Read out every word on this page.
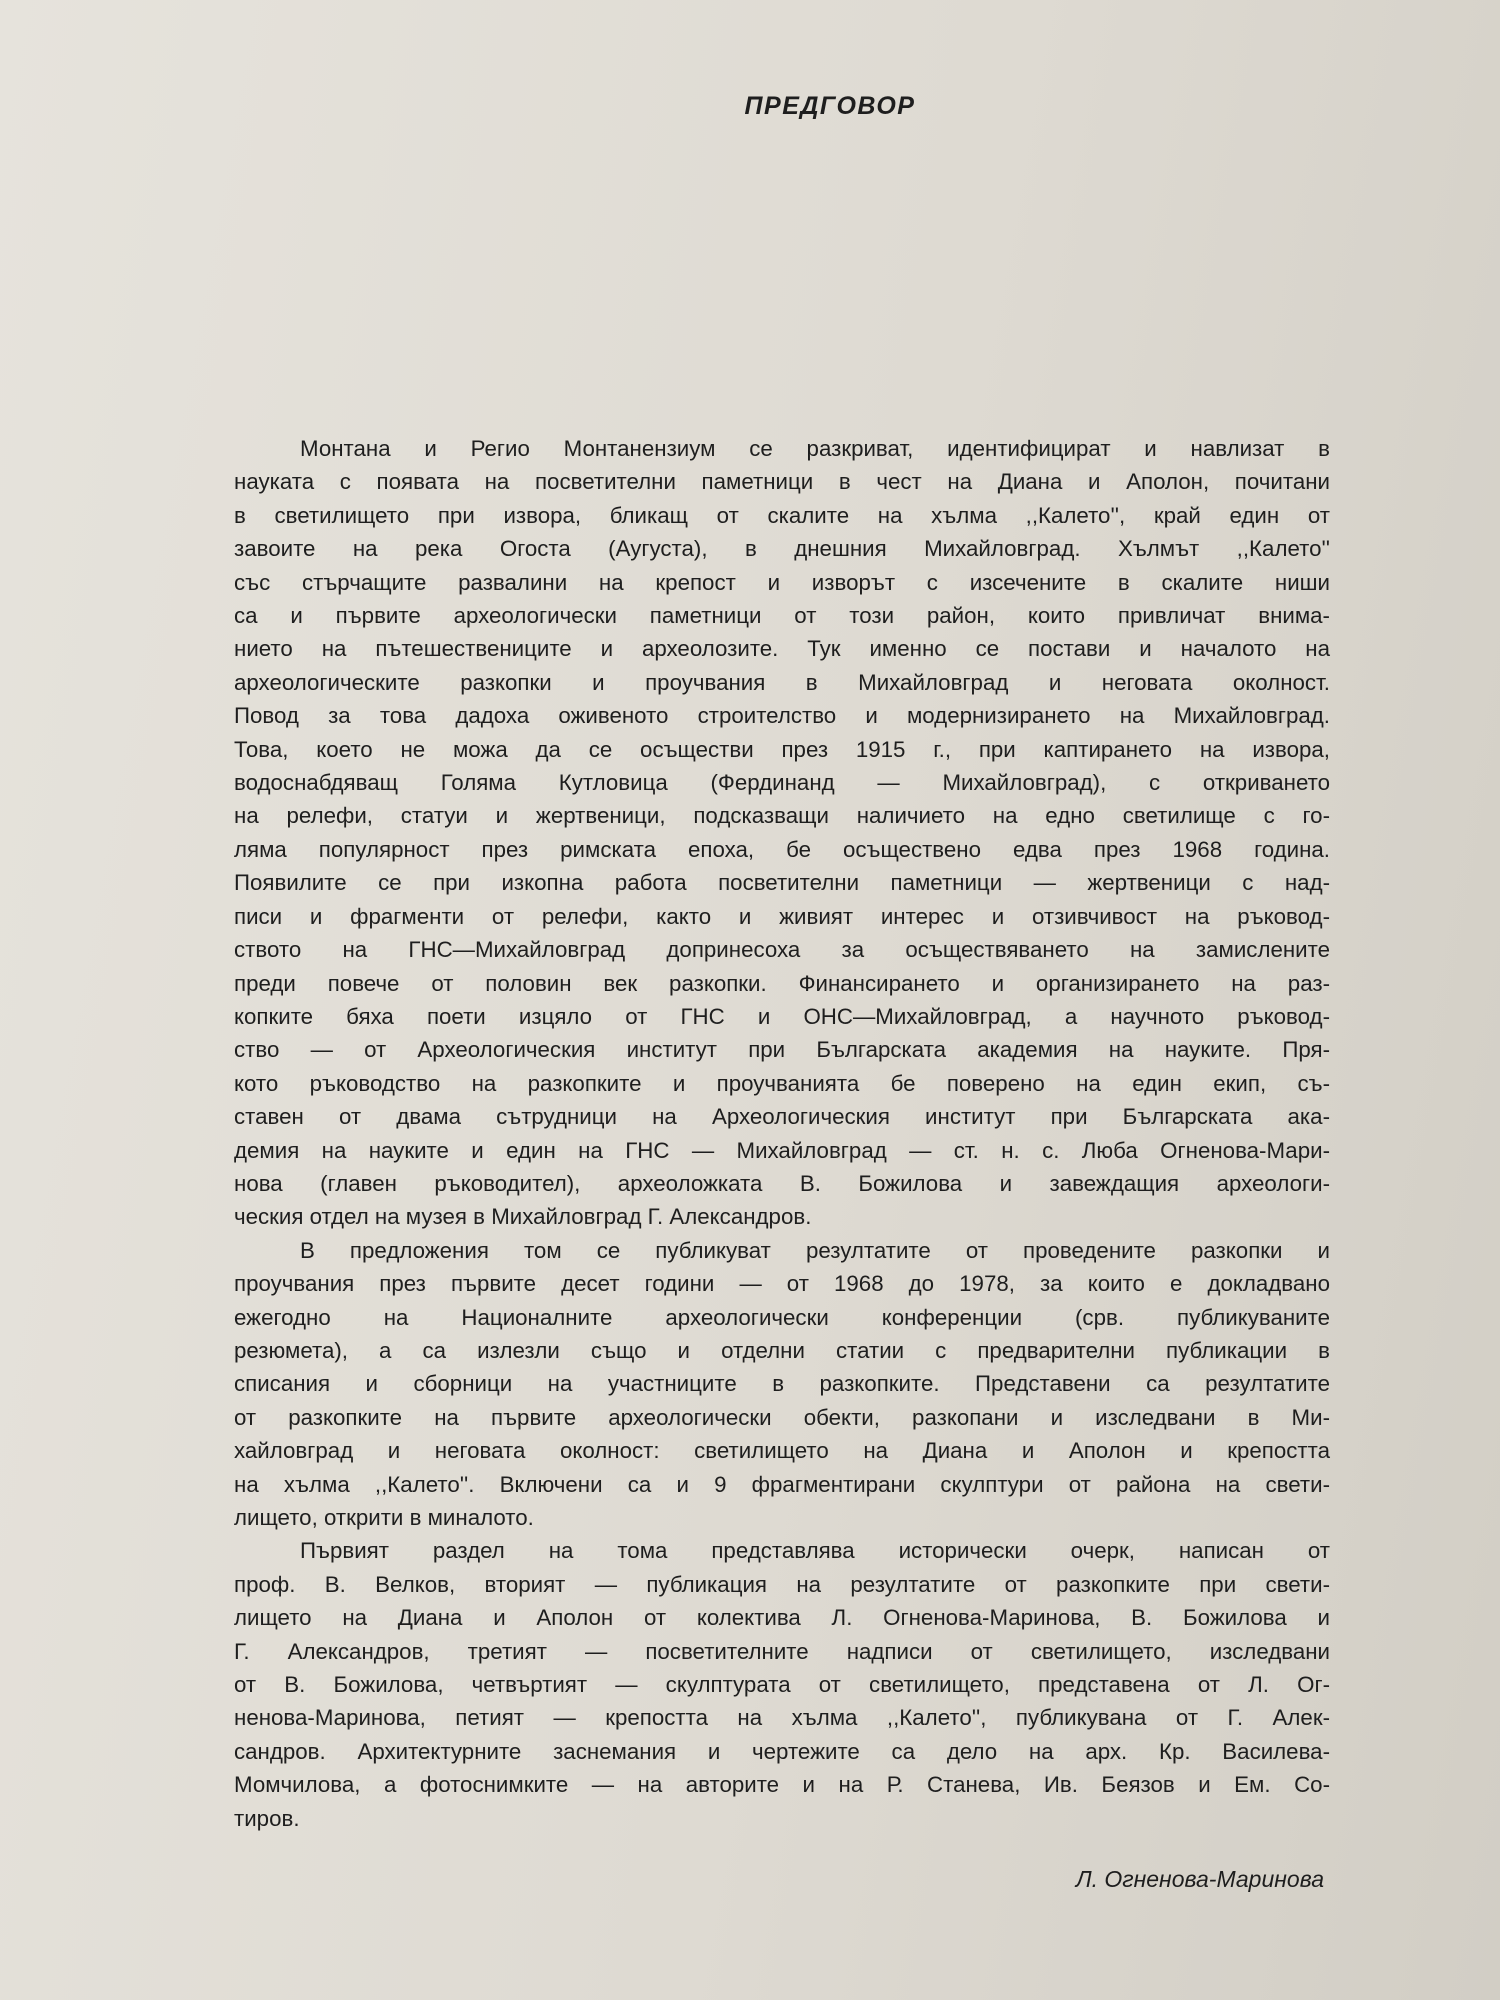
ПРЕДГОВОР

Монтана и Регио Монтанензиум се разкриват, идентифицират и навлизат в
науката с появата на посветителни паметници в чест на Диана и Аполон, почитани
в светилището при извора, бликащ от скалите на хълма ,,Калето'', край един от
завоите на река Огоста (Аугуста), в днешния Михайловград. Хълмът ,,Калето''
със стърчащите развалини на крепост и изворът с изсечените в скалите ниши
са и първите археологически паметници от този район, които привличат внима-
нието на пътешествениците и археолозите. Тук именно се постави и началото на
археологическите разкопки и проучвания в Михайловград и неговата околност.
Повод за това дадоха оживеното строителство и модернизирането на Михайловград.
Това, което не можа да се осъществи през 1915 г., при каптирането на извора,
водоснабдяващ Голяма Кутловица (Фердинанд — Михайловград), с откриването
на релефи, статуи и жертвеници, подсказващи наличието на едно светилище с го-
ляма популярност през римската епоха, бе осъществено едва през 1968 година.
Появилите се при изкопна работа посветителни паметници — жертвеници с над-
писи и фрагменти от релефи, както и живият интерес и отзивчивост на ръковод-
ството на ГНС—Михайловград допринесоха за осъществяването на замислените
преди повече от половин век разкопки. Финансирането и организирането на раз-
копките бяха поети изцяло от ГНС и ОНС—Михайловград, а научното ръковод-
ство — от Археологическия институт при Българската академия на науките. Пря-
кото ръководство на разкопките и проучванията бе поверено на един екип, съ-
ставен от двама сътрудници на Археологическия институт при Българската ака-
демия на науките и един на ГНС — Михайловград — ст. н. с. Люба Огненова-Мари-
нова (главен ръководител), археоложката В. Божилова и завеждащия археологи-
ческия отдел на музея в Михайловград Г. Александров.

В предложения том се публикуват резултатите от проведените разкопки и
проучвания през първите десет години — от 1968 до 1978, за които е докладвано
ежегодно на Националните археологически конференции (срв. публикуваните
резюмета), а са излезли също и отделни статии с предварителни публикации в
списания и сборници на участниците в разкопките. Представени са резултатите
от разкопките на първите археологически обекти, разкопани и изследвани в Ми-
хайловград и неговата околност: светилището на Диана и Аполон и крепостта
на хълма ,,Калето''. Включени са и 9 фрагментирани скулптури от района на свети-
лището, открити в миналото.

Първият раздел на тома представлява исторически очерк, написан от
проф. В. Велков, вторият — публикация на резултатите от разкопките при свети-
лището на Диана и Аполон от колектива Л. Огненова-Маринова, В. Божилова и
Г. Александров, третият — посветителните надписи от светилището, изследвани
от В. Божилова, четвъртият — скулптурата от светилището, представена от Л. Ог-
ненова-Маринова, петият — крепостта на хълма ,,Калето'', публикувана от Г. Алек-
сандров. Архитектурните заснемания и чертежите са дело на арх. Кр. Василева-
Момчилова, а фотоснимките — на авторите и на Р. Станева, Ив. Беязов и Ем. Со-
тиров.

Л. Огненова-Маринова
